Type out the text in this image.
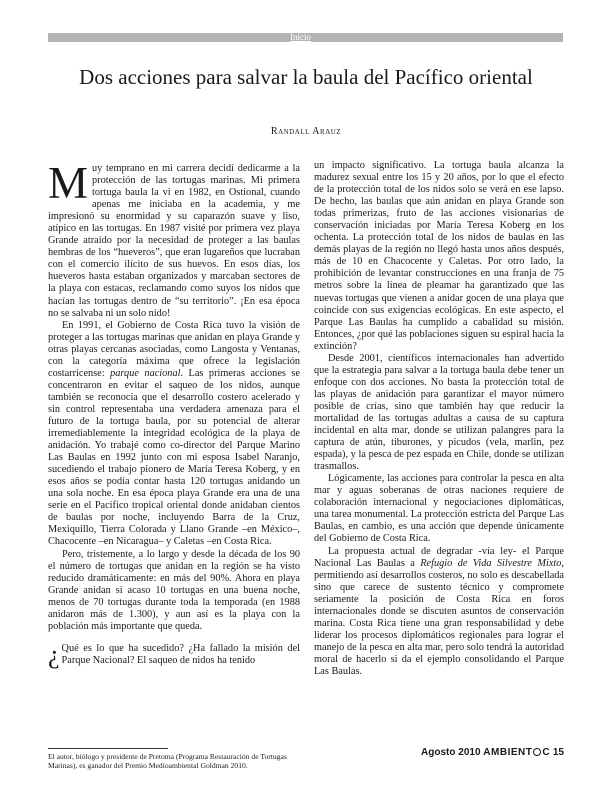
Inicio
Dos acciones para salvar la baula del Pacífico oriental
Randall Arauz

Muy temprano en mi carrera decidí dedicarme a la protección de las tortugas marinas. Mi primera tortuga baula la vi en 1982, en Ostional, cuando apenas me iniciaba en la academia, y me impresionó su enormidad y su caparazón suave y liso, atípico en las tortugas. En 1987 visité por primera vez playa Grande atraído por la necesidad de proteger a las baulas hembras de los “hueveros”, que eran lugareños que lucraban con el comercio ilícito de sus huevos. En esos días, los hueveros hasta estaban organizados y marcaban sectores de la playa con estacas, reclamando como suyos los nidos que hacían las tortugas dentro de “su territorio”. ¡En esa época no se salvaba ni un solo nido!

En 1991, el Gobierno de Costa Rica tuvo la visión de proteger a las tortugas marinas que anidan en playa Grande y otras playas cercanas asociadas, como Langosta y Ventanas, con la categoría máxima que ofrece la legislación costarricense: parque nacional. Las primeras acciones se concentraron en evitar el saqueo de los nidos, aunque también se reconocía que el desarrollo costero acelerado y sin control representaba una verdadera amenaza para el futuro de la tortuga baula, por su potencial de alterar irremediablemente la integridad ecológica de la playa de anidación. Yo trabajé como co-director del Parque Marino Las Baulas en 1992 junto con mi esposa Isabel Naranjo, sucediendo el trabajo pionero de María Teresa Koberg, y en esos años se podía contar hasta 120 tortugas anidando un una sola noche. En esa época playa Grande era una de una serie en el Pacífico tropical oriental donde anidaban cientos de baulas por noche, incluyendo Barra de la Cruz, Mexiquillo, Tierra Colorada y Llano Grande –en México–, Chacocente –en Nicaragua– y Caletas –en Costa Rica.

Pero, tristemente, a lo largo y desde la década de los 90 el número de tortugas que anidan en la región se ha visto reducido dramáticamente: en más del 90%. Ahora en playa Grande anidan si acaso 10 tortugas en una buena noche, menos de 70 tortugas durante toda la temporada (en 1988 anidaron más de 1.300), y aun así es la playa con la población más importante que queda.

¿ Qué es lo que ha sucedido? ¿Ha fallado la misión del Parque Nacional? El saqueo de nidos ha tenido

un impacto significativo. La tortuga baula alcanza la madurez sexual entre los 15 y 20 años, por lo que el efecto de la protección total de los nidos solo se verá en ese lapso. De hecho, las baulas que aún anidan en playa Grande son todas primerizas, fruto de las acciones visionarias de conservación iniciadas por María Teresa Koberg en los ochenta. La protección total de los nidos de baulas en las demás playas de la región no llegó hasta unos años después, más de 10 en Chacocente y Caletas. Por otro lado, la prohibición de levantar construcciones en una franja de 75 metros sobre la línea de pleamar ha garantizado que las nuevas tortugas que vienen a anidar gocen de una playa que coincide con sus exigencias ecológicas. En este aspecto, el Parque Las Baulas ha cumplido a cabalidad su misión. Entonces, ¿por qué las poblaciones siguen su espiral hacia la extinción?

Desde 2001, científicos internacionales han advertido que la estrategia para salvar a la tortuga baula debe tener un enfoque con dos acciones. No basta la protección total de las playas de anidación para garantizar el mayor número posible de crías, sino que también hay que reducir la mortalidad de las tortugas adultas a causa de su captura incidental en alta mar, donde se utilizan palangres para la captura de atún, tiburones, y picudos (vela, marlin, pez espada), y la pesca de pez espada en Chile, donde se utilizan trasmallos.

Lógicamente, las acciones para controlar la pesca en alta mar y aguas soberanas de otras naciones requiere de colaboración internacional y negociaciones diplomáticas, una tarea monumental. La protección estricta del Parque Las Baulas, en cambio, es una acción que depende únicamente del Gobierno de Costa Rica.

La propuesta actual de degradar -vía ley- el Parque Nacional Las Baulas a Refugio de Vida Silvestre Mixto, permitiendo así desarrollos costeros, no solo es descabellada sino que carece de sustento técnico y compromete seriamente la posición de Costa Rica en foros internacionales donde se discuten asuntos de conservación marina. Costa Rica tiene una gran responsabilidad y debe liderar los procesos diplomáticos regionales para lograr el manejo de la pesca en alta mar, pero solo tendrá la autoridad moral de hacerlo si da el ejemplo consolidando el Parque Las Baulas.

El autor, biólogo y presidente de Pretoma (Programa Restauración de Tortugas Marinas), es ganador del Premio Medioambiental Goldman 2010.
Agosto 2010 AMBIENT C 15
